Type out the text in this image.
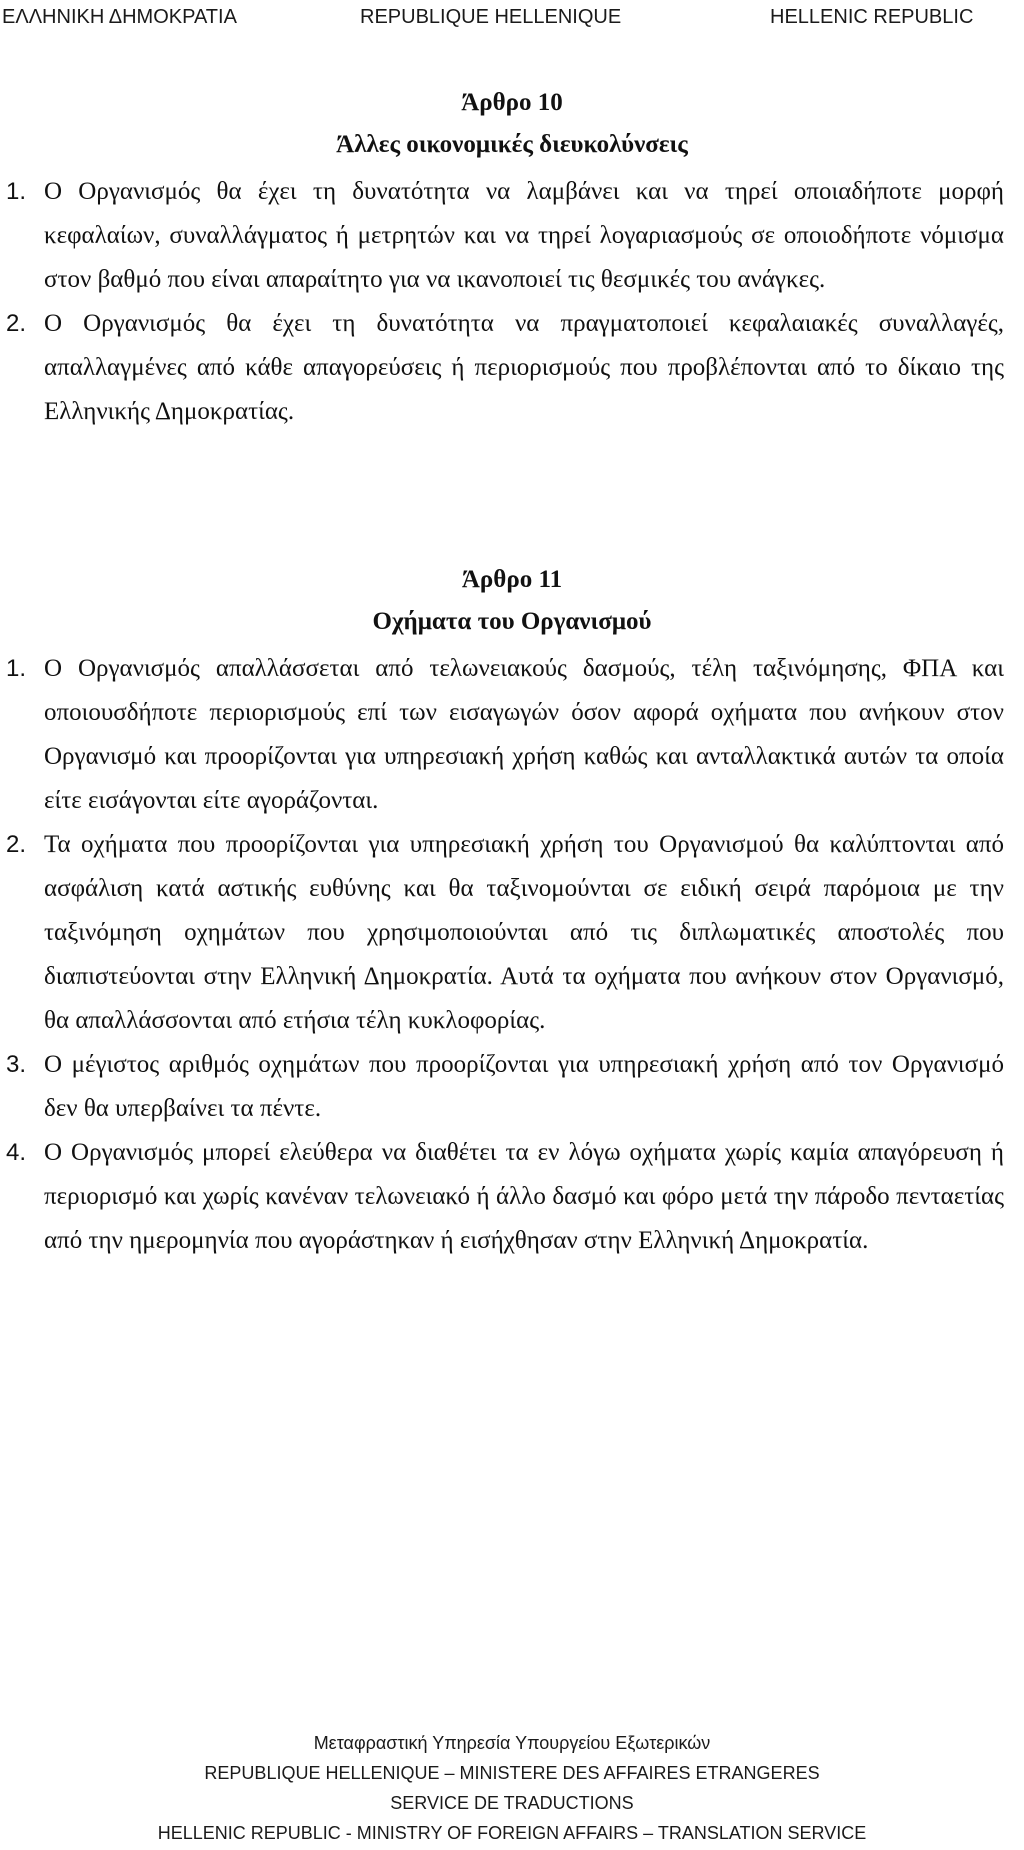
ΕΛΛΗΝΙΚΗ ΔΗΜΟΚΡΑΤΙΑ	REPUBLIQUE HELLENIQUE	HELLENIC REPUBLIC
Άρθρο 10
Άλλες οικονομικές διευκολύνσεις
1. Ο Οργανισμός θα έχει τη δυνατότητα να λαμβάνει και να τηρεί οποιαδήποτε μορφή κεφαλαίων, συναλλάγματος ή μετρητών και να τηρεί λογαριασμούς σε οποιοδήποτε νόμισμα στον βαθμό που είναι απαραίτητο για να ικανοποιεί τις θεσμικές του ανάγκες.
2. Ο Οργανισμός θα έχει τη δυνατότητα να πραγματοποιεί κεφαλαιακές συναλλαγές, απαλλαγμένες από κάθε απαγορεύσεις ή περιορισμούς που προβλέπονται από το δίκαιο της Ελληνικής Δημοκρατίας.
Άρθρο 11
Οχήματα του Οργανισμού
1. Ο Οργανισμός απαλλάσσεται από τελωνειακούς δασμούς, τέλη ταξινόμησης, ΦΠΑ και οποιουσδήποτε περιορισμούς επί των εισαγωγών όσον αφορά οχήματα που ανήκουν στον Οργανισμό και προορίζονται για υπηρεσιακή χρήση καθώς και ανταλλακτικά αυτών τα οποία είτε εισάγονται είτε αγοράζονται.
2. Τα οχήματα που προορίζονται για υπηρεσιακή χρήση του Οργανισμού θα καλύπτονται από ασφάλιση κατά αστικής ευθύνης και θα ταξινομούνται σε ειδική σειρά παρόμοια με την ταξινόμηση οχημάτων που χρησιμοποιούνται από τις διπλωματικές αποστολές που διαπιστεύονται στην Ελληνική Δημοκρατία. Αυτά τα οχήματα που ανήκουν στον Οργανισμό, θα απαλλάσσονται από ετήσια τέλη κυκλοφορίας.
3. Ο μέγιστος αριθμός οχημάτων που προορίζονται για υπηρεσιακή χρήση από τον Οργανισμό δεν θα υπερβαίνει τα πέντε.
4. Ο Οργανισμός μπορεί ελεύθερα να διαθέτει τα εν λόγω οχήματα χωρίς καμία απαγόρευση ή περιορισμό και χωρίς κανέναν τελωνειακό ή άλλο δασμό και φόρο μετά την πάροδο πενταετίας από την ημερομηνία που αγοράστηκαν ή εισήχθησαν στην Ελληνική Δημοκρατία.
Μεταφραστική Υπηρεσία Υπουργείου Εξωτερικών
REPUBLIQUE HELLENIQUE – MINISTERE DES AFFAIRES ETRANGERES
SERVICE DE TRADUCTIONS
HELLENIC REPUBLIC - MINISTRY OF FOREIGN AFFAIRS – TRANSLATION SERVICE
